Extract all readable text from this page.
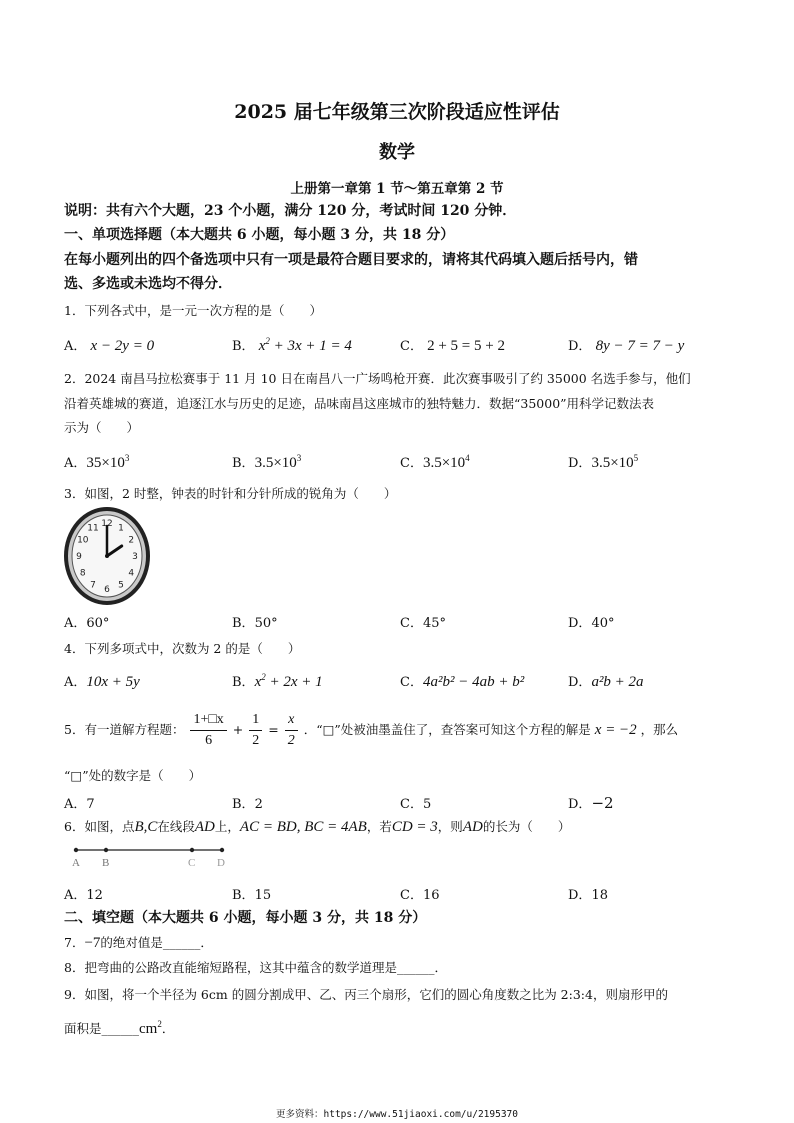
2025 届七年级第三次阶段适应性评估
数学
上册第一章第 1 节～第五章第 2 节
说明：共有六个大题，23 个小题，满分 120 分，考试时间 120 分钟．
一、单项选择题（本大题共 6 小题，每小题 3 分，共 18 分）
在每小题列出的四个备选项中只有一项是最符合题目要求的，请将其代码填入题后括号内，错
选、多选或未选均不得分．
1．下列各式中，是一元一次方程的是（　　）
A． x − 2y = 0	B． $x^2 + 3x + 1 = 4$	C． 2 + 5 = 5 + 2	D． 8y − 7 = 7 − y
2．2024 南昌马拉松赛事于 11 月 10 日在南昌八一广场鸣枪开赛．此次赛事吸引了约 35000 名选手参与，他们
沿着英雄城的赛道，追逐江水与历史的足迹，品味南昌这座城市的独特魅力．数据“35000”用科学记数法表
示为（　　）
A．$35\times 10^3$	B．$3.5\times 10^3$	C．$3.5\times 10^4$	D．$3.5\times 10^5$
3．如图，2 时整，钟表的时针和分针所成的锐角为（　　）
12 1
2
3
4
5
6
7
8
9
10
11
A．60°	B．50°	C．45°	D．40°
4．下列多项式中，次数为 2 的是（　　）
A．10x + 5y	B．$x^2 + 2x + 1$	C．4a²b² − 4ab + b²	D．a²b + 2a
5．有一道解方程题： $\frac{1+□x}{6} + \frac{1}{2} = \frac{x}{2}$ ．“□”处被油墨盖住了，查答案可知这个方程的解是 x = −2 ，那么
“□”处的数字是（　　）
A．7	B．2	C．5	D．−2
6．如图，点B,C在线段AD上，AC = BD, BC = 4AB，若CD = 3，则AD的长为（　　）
A B	C D
A．12	B．15	C．16	D．18
二、填空题（本大题共 6 小题，每小题 3 分，共 18 分）
7．−7的绝对值是______．
8．把弯曲的公路改直能缩短路程，这其中蕴含的数学道理是______．
9．如图，将一个半径为 6cm 的圆分割成甲、乙、丙三个扇形，它们的圆心角度数之比为 2:3:4，则扇形甲的
面积是$\_\_\_\_\_\_cm^2$．
更多资料：https://www.51jiaoxi.com/u/2195370
